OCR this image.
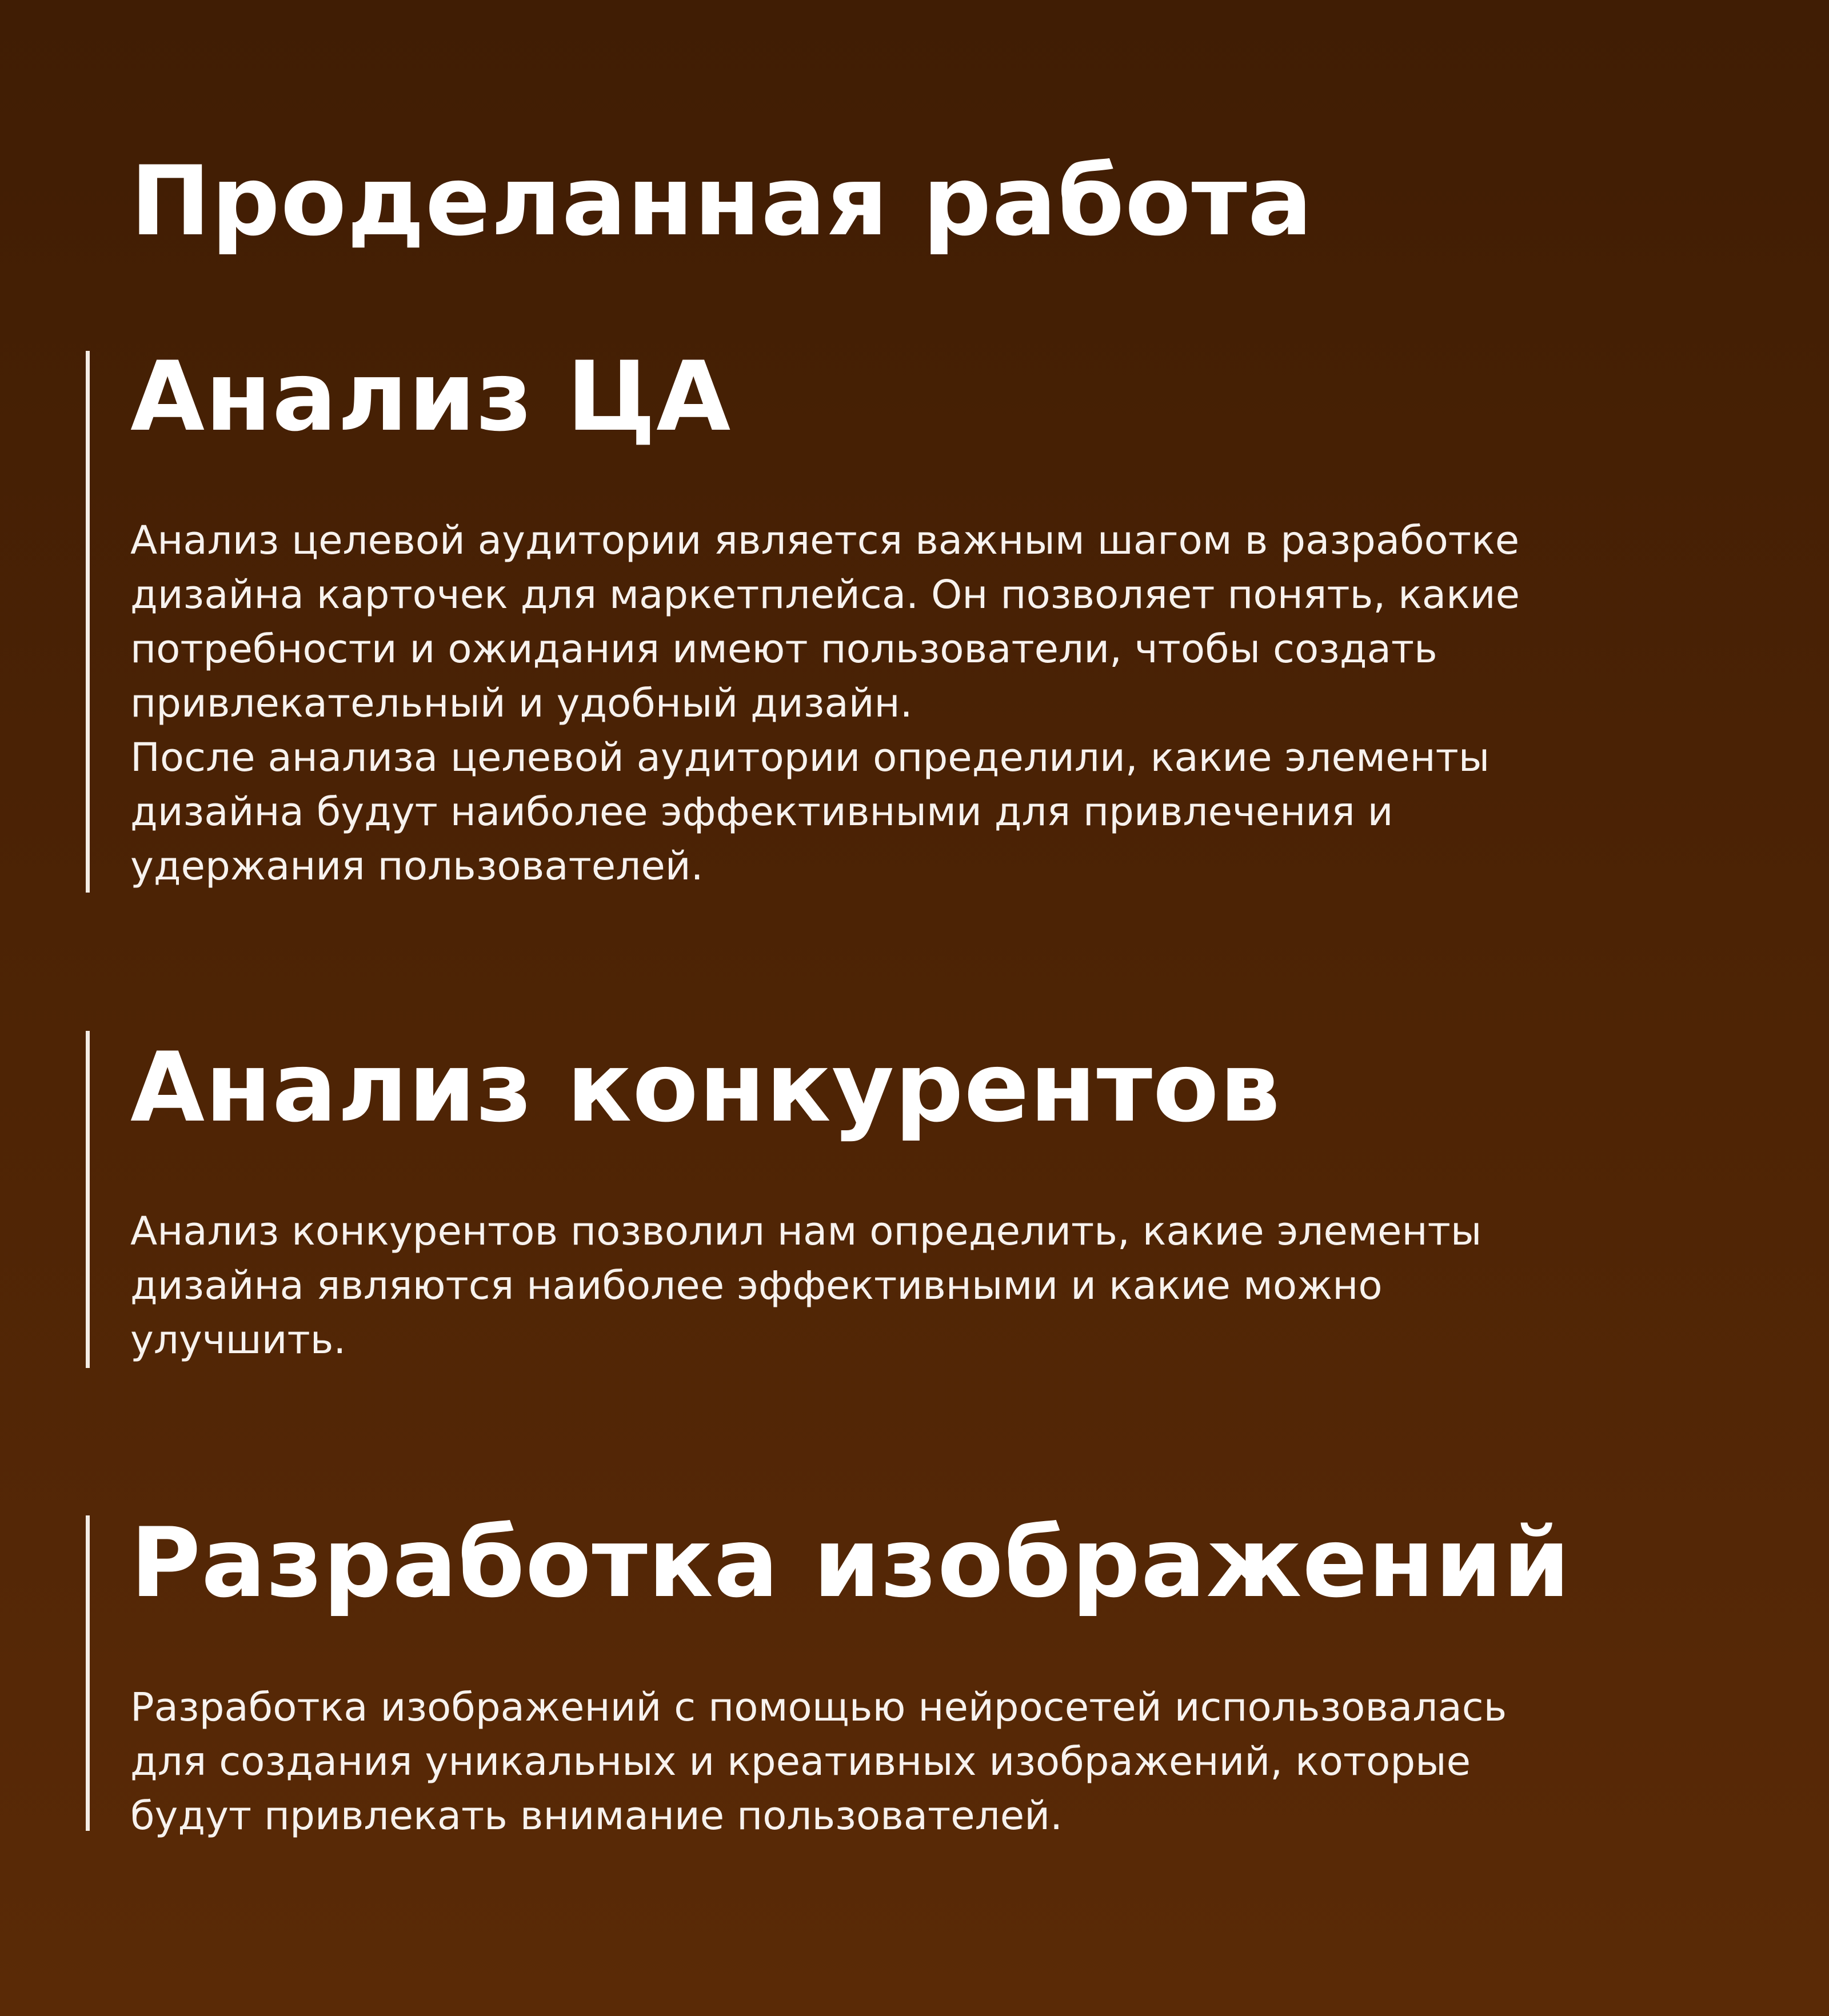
Проделанная работа
Анализ ЦА
Анализ целевой аудитории является важным шагом в разработке
дизайна карточек для маркетплейса. Он позволяет понять, какие
потребности и ожидания имеют пользователи, чтобы создать
привлекательный и удобный дизайн.
После анализа целевой аудитории определили, какие элементы
дизайна будут наиболее эффективными для привлечения и
удержания пользователей.
Анализ конкурентов
Анализ конкурентов позволил нам определить, какие элементы
дизайна являются наиболее эффективными и какие можно
улучшить.
Разработка изображений
Разработка изображений с помощью нейросетей использовалась
для создания уникальных и креативных изображений, которые
будут привлекать внимание пользователей.
